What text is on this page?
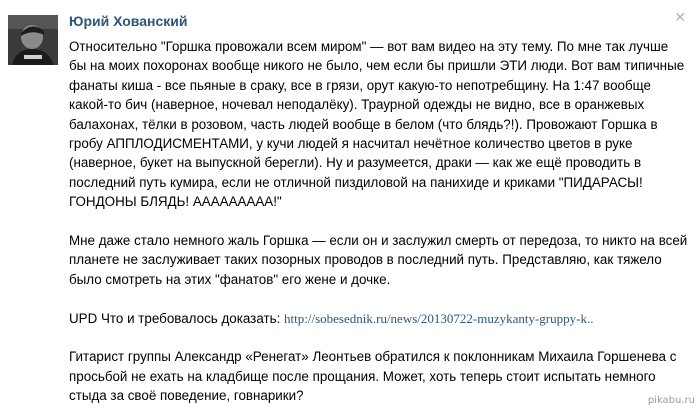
Юрий Хованский	✕

Относительно "Горшка провожали всем миром" — вот вам видео на эту тему. По мне так лучше бы на моих похоронах вообще никого не было, чем если бы пришли ЭТИ люди. Вот вам типичные фанаты киша - все пьяные в сраку, все в грязи, орут какую-то непотребщину. На 1:47 вообще какой-то бич (наверное, ночевал неподалёку). Траурной одежды не видно, все в оранжевых балахонах, тёлки в розовом, часть людей вообще в белом (что блядь?!). Провожают Горшка в гробу АППЛОДИСМЕНТАМИ, у кучи людей я насчитал нечётное количество цветов в руке (наверное, букет на выпускной берегли). Ну и разумеется, драки — как же ещё проводить в последний путь кумира, если не отличной пиздиловой на панихиде и криками "ПИДАРАСЫ! ГОНДОНЫ БЛЯДЬ! ААААААААА!"

Мне даже стало немного жаль Горшка — если он и заслужил смерть от передоза, то никто на всей планете не заслуживает таких позорных проводов в последний путь. Представляю, как тяжело было смотреть на этих "фанатов" его жене и дочке.

UPD Что и требовалось доказать: http://sobesednik.ru/news/20130722-muzykanty-gruppy-k..

Гитарист группы Александр «Ренегат» Леонтьев обратился к поклонникам Михаила Горшенева с просьбой не ехать на кладбище после прощания. Может, хоть теперь стоит испытать немного стыда за своё поведение, говнарики?	pikabu.ru
